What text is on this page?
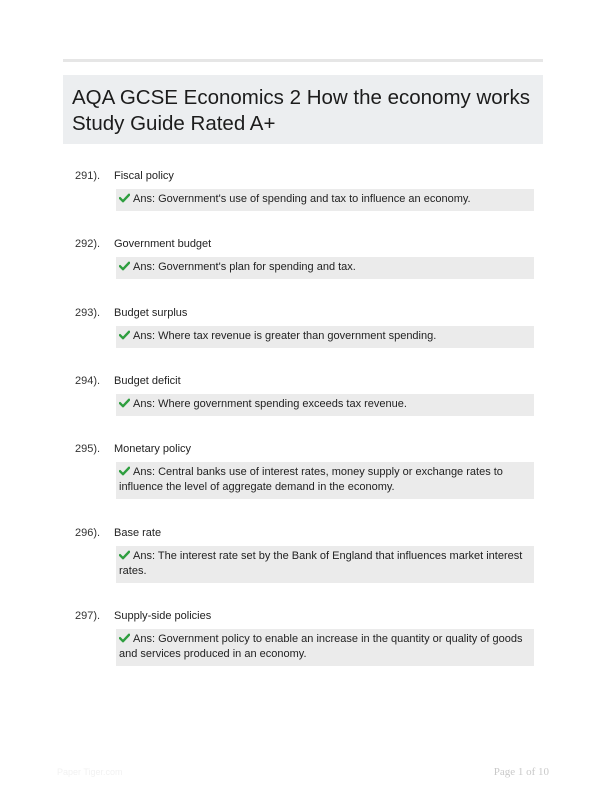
AQA GCSE Economics 2 How the economy works Study Guide Rated A+
291). Fiscal policy
Ans: Government's use of spending and tax to influence an economy.
292). Government budget
Ans: Government's plan for spending and tax.
293). Budget surplus
Ans: Where tax revenue is greater than government spending.
294). Budget deficit
Ans: Where government spending exceeds tax revenue.
295). Monetary policy
Ans: Central banks use of interest rates, money supply or exchange rates to influence the level of aggregate demand in the economy.
296). Base rate
Ans: The interest rate set by the Bank of England that influences market interest rates.
297). Supply-side policies
Ans: Government policy to enable an increase in the quantity or quality of goods and services produced in an economy.
Paper Tiger.com	Page 1 of 10
